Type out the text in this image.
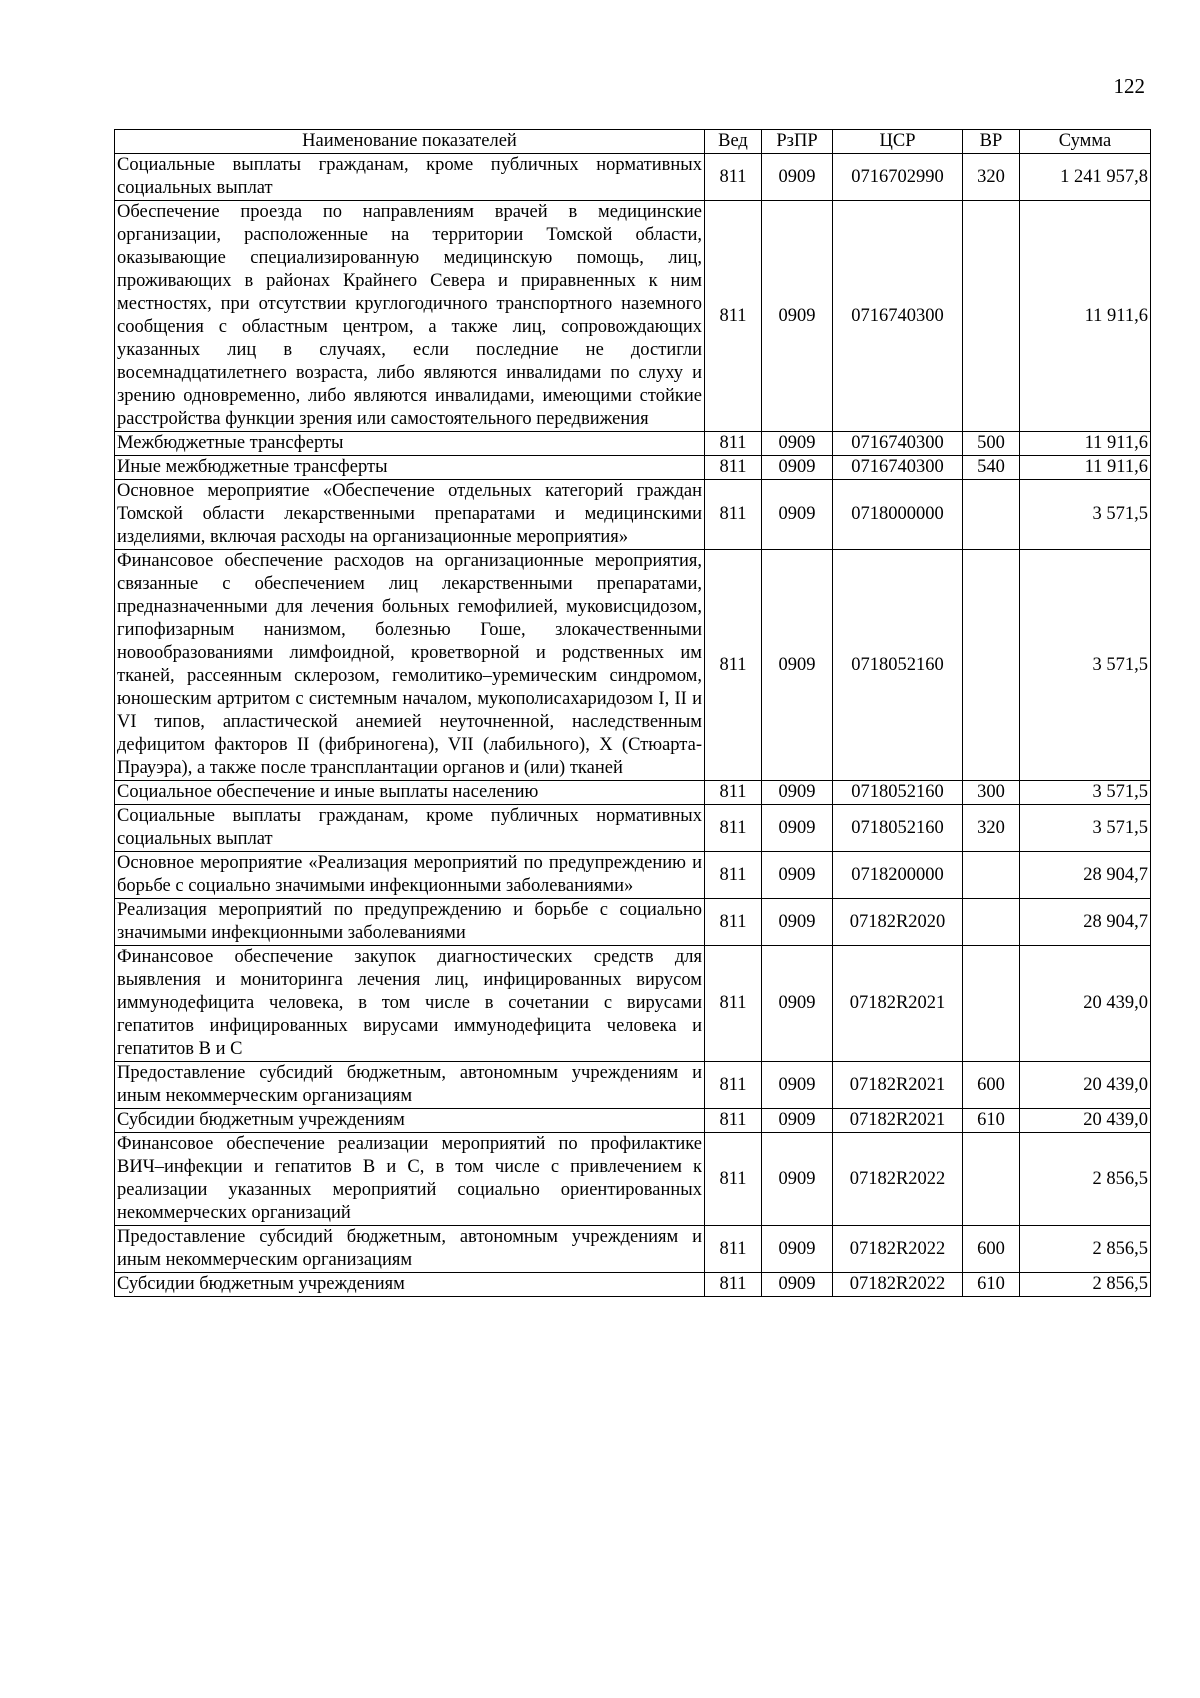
122
Наименование показателей	Вед	РзПР	ЦСР	ВР	Сумма
Социальные выплаты гражданам, кроме публичных нормативных социальных выплат	811	0909	0716702990	320	1 241 957,8
Обеспечение проезда по направлениям врачей в медицинские организации, расположенные на территории Томской области, оказывающие специализированную медицинскую помощь, лиц, проживающих в районах Крайнего Севера и приравненных к ним местностях, при отсутствии круглогодичного транспортного наземного сообщения с областным центром, а также лиц, сопровождающих указанных лиц в случаях, если последние не достигли восемнадцатилетнего возраста, либо являются инвалидами по слуху и зрению одновременно, либо являются инвалидами, имеющими стойкие расстройства функции зрения или самостоятельного передвижения	811	0909	0716740300		11 911,6
Межбюджетные трансферты	811	0909	0716740300	500	11 911,6
Иные межбюджетные трансферты	811	0909	0716740300	540	11 911,6
Основное мероприятие «Обеспечение отдельных категорий граждан Томской области лекарственными препаратами и медицинскими изделиями, включая расходы на организационные мероприятия»	811	0909	0718000000		3 571,5
Финансовое обеспечение расходов на организационные мероприятия, связанные с обеспечением лиц лекарственными препаратами, предназначенными для лечения больных гемофилией, муковисцидозом, гипофизарным нанизмом, болезнью Гоше, злокачественными новообразованиями лимфоидной, кроветворной и родственных им тканей, рассеянным склерозом, гемолитико–уремическим синдромом, юношеским артритом с системным началом, мукополисахаридозом I, II и VI типов, апластической анемией неуточненной, наследственным дефицитом факторов II (фибриногена), VII (лабильного), X (Стюарта-Прауэра), а также после трансплантации органов и (или) тканей	811	0909	0718052160		3 571,5
Социальное обеспечение и иные выплаты населению	811	0909	0718052160	300	3 571,5
Социальные выплаты гражданам, кроме публичных нормативных социальных выплат	811	0909	0718052160	320	3 571,5
Основное мероприятие «Реализация мероприятий по предупреждению и борьбе с социально значимыми инфекционными заболеваниями»	811	0909	0718200000		28 904,7
Реализация мероприятий по предупреждению и борьбе с социально значимыми инфекционными заболеваниями	811	0909	07182R2020		28 904,7
Финансовое обеспечение закупок диагностических средств для выявления и мониторинга лечения лиц, инфицированных вирусом иммунодефицита человека, в том числе в сочетании с вирусами гепатитов инфицированных вирусами иммунодефицита человека и гепатитов B и C	811	0909	07182R2021		20 439,0
Предоставление субсидий бюджетным, автономным учреждениям и иным некоммерческим организациям	811	0909	07182R2021	600	20 439,0
Субсидии бюджетным учреждениям	811	0909	07182R2021	610	20 439,0
Финансовое обеспечение реализации мероприятий по профилактике ВИЧ–инфекции и гепатитов B и C, в том числе с привлечением к реализации указанных мероприятий социально ориентированных некоммерческих организаций	811	0909	07182R2022		2 856,5
Предоставление субсидий бюджетным, автономным учреждениям и иным некоммерческим организациям	811	0909	07182R2022	600	2 856,5
Субсидии бюджетным учреждениям	811	0909	07182R2022	610	2 856,5
